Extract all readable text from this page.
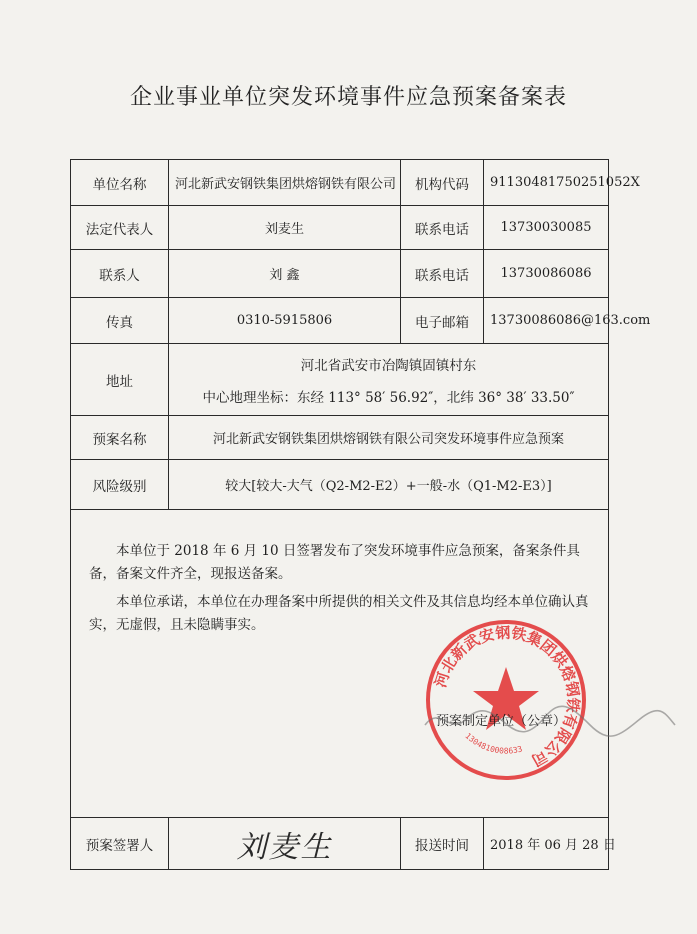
企业事业单位突发环境事件应急预案备案表
单位名称	河北新武安钢铁集团烘熔钢铁有限公司	机构代码	91130481750251052X
法定代表人	刘麦生	联系电话	13730030085
联系人	刘 鑫	联系电话	13730086086
传真	0310-5915806	电子邮箱	13730086086@163.com
地址	河北省武安市冶陶镇固镇村东
中心地理坐标：东经 113° 58′ 56.92″，北纬 36° 38′ 33.50″		

预案名称	河北新武安钢铁集团烘熔钢铁有限公司突发环境事件应急预案		
风险级别	较大[较大-大气（Q2-M2-E2）+一般-水（Q1-M2-E3）]		

本单位于 2018 年 6 月 10 日签署发布了突发环境事件应急预案，备案条件具备，备案文件齐全，现报送备案。

本单位承诺，本单位在办理备案中所提供的相关文件及其信息均经本单位确认真实，无虚假，且未隐瞒事实。

河北新武安钢铁集团烘熔钢铁有限公司
1304810008633
预案制定单位（公章）			

预案签署人	刘麦生	报送时间	2018 年 06 月 28 日
